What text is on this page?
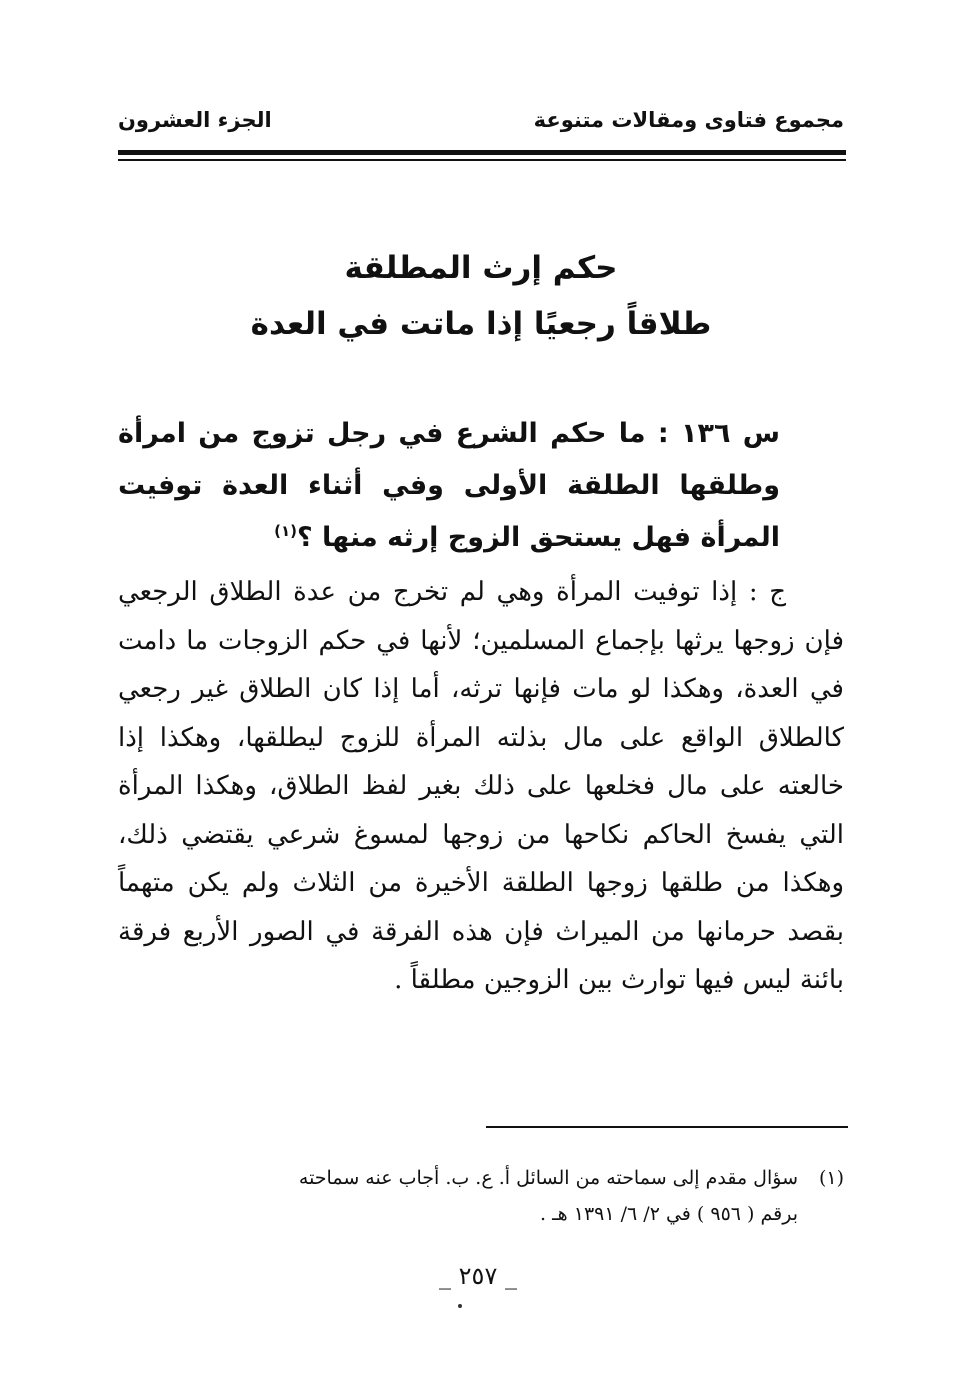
مجموع فتاوى ومقالات متنوعة
الجزء العشرون
حكم إرث المطلقة
طلاقاً رجعيًا إذا ماتت في العدة
س ١٣٦ : ما حكم الشرع في رجل تزوج من امرأة وطلقها الطلقة الأولى وفي أثناء العدة توفيت المرأة فهل يستحق الزوج إرثه منها ؟$^{(١)}$
ج : إذا توفيت المرأة وهي لم تخرج من عدة الطلاق الرجعي فإن زوجها يرثها بإجماع المسلمين؛ لأنها في حكم الزوجات ما دامت في العدة، وهكذا لو مات فإنها ترثه، أما إذا كان الطلاق غير رجعي كالطلاق الواقع على مال بذلته المرأة للزوج ليطلقها، وهكذا إذا خالعته على مال فخلعها على ذلك بغير لفظ الطلاق، وهكذا المرأة التي يفسخ الحاكم نكاحها من زوجها لمسوغ شرعي يقتضي ذلك، وهكذا من طلقها زوجها الطلقة الأخيرة من الثلاث ولم يكن متهماً بقصد حرمانها من الميراث فإن هذه الفرقة في الصور الأربع فرقة بائنة ليس فيها توارث بين الزوجين مطلقاً .
(١)سؤال مقدم إلى سماحته من السائل أ. ع. ب. أجاب عنه سماحته
برقم ( ٩٥٦ ) في ٢/ ٦/ ١٣٩١ هـ .
_ ٢٥٧ _
